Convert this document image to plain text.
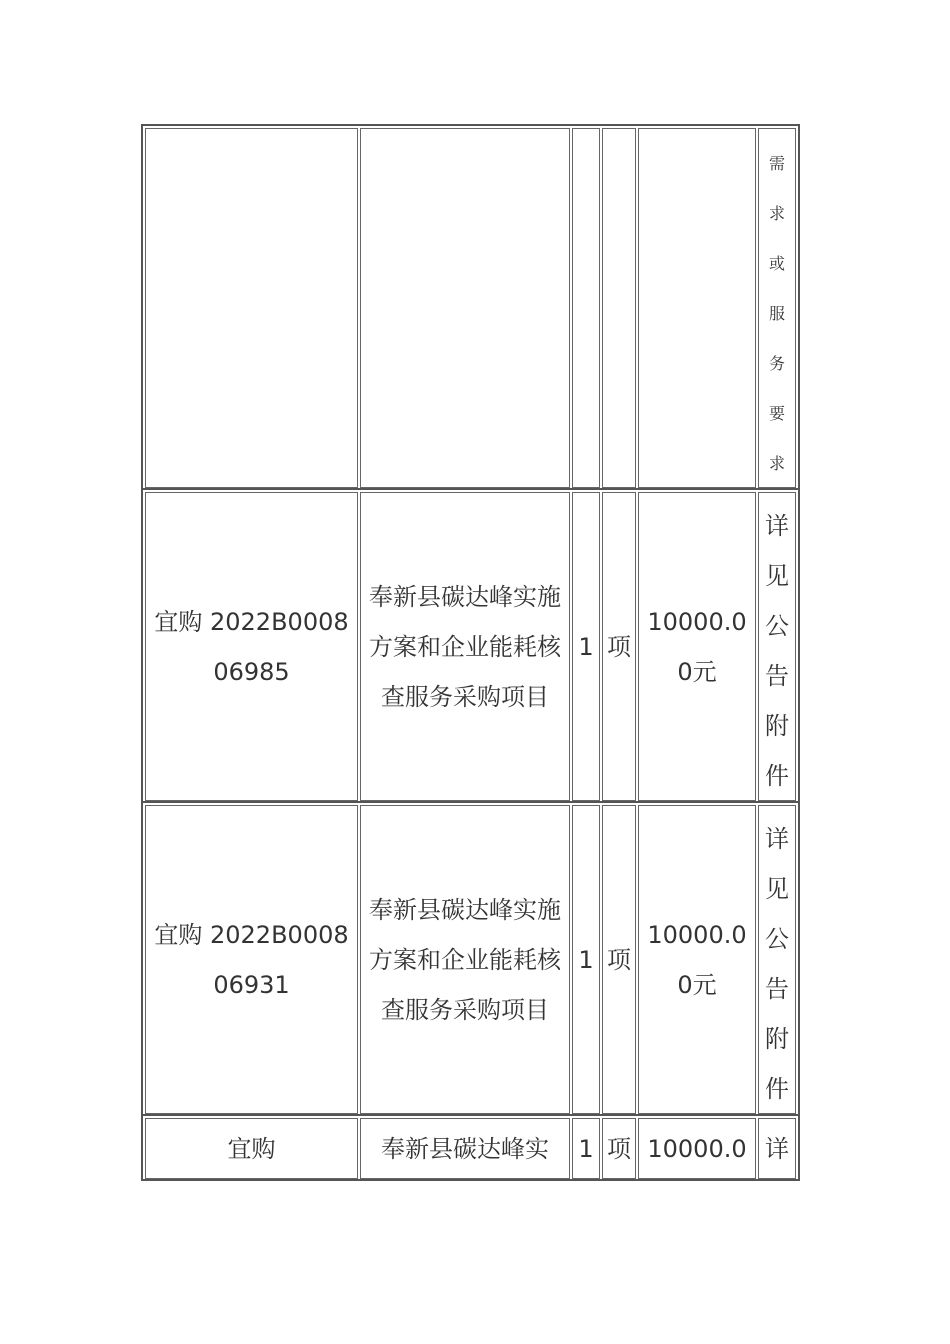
需
求
或
服
务
要
求
宜购 2022B000806985
奉新县碳达峰实施方案和企业能耗核查服务采购项目
1 项
10000.00元
详
见
公
告
附
件
宜购 2022B000806931
奉新县碳达峰实施方案和企业能耗核查服务采购项目
1 项
10000.00元
详
见
公
告
附
件
宜购	奉新县碳达峰实	1 项 10000.0 详
